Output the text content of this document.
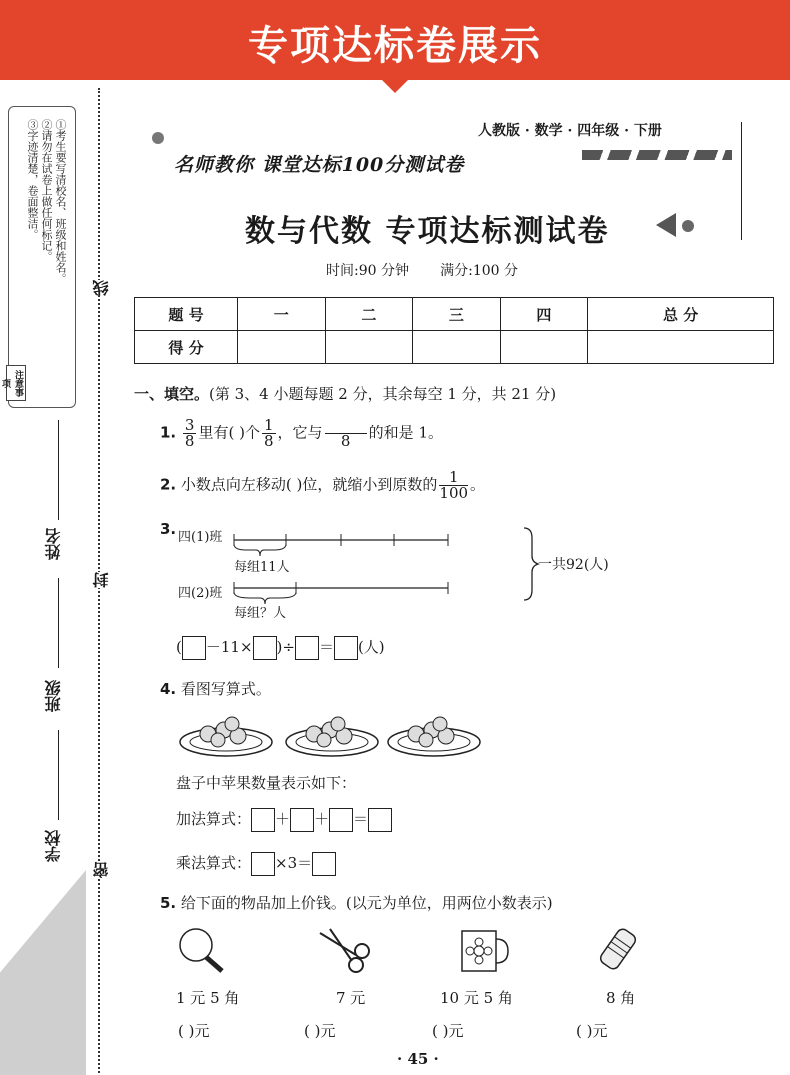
专项达标卷展示
①考生要写清校名、班级和姓名。
②请勿在试卷上做任何标记。
③字迹清楚，卷面整洁。
注意事项
姓名
班级
学校
线
封
密
人教版 · 数学 · 四年级 · 下册
名师教你 课堂达标100分测试卷
数与代数 专项达标测试卷
时间:90 分钟 满分:100 分
题 号	一	二	三	四	总 分
得 分					
一、填空。(第 3、4 小题每题 2 分，其余每空 1 分，共 21 分)
1. $\frac{3}{8}$ 里有( )个 $\frac{1}{8}$ ，它与
	8	的和是 1。
2. 小数点向左移动( )位，就缩小到原数的 $\frac{1}{100}$ 。
3. 四(1)班
每组11人
四(2)班
每组？人
一共92(人)
( －11× )÷ ＝ (人)
4. 看图写算式。
盘子中苹果数量表示如下：
加法算式： ＋ ＋ ＝
乘法算式： ×3＝
5. 给下面的物品加上价钱。(以元为单位，用两位小数表示)
1 元 5 角	7 元	10 元 5 角	8 角
( )元	( )元	( )元	( )元
· 45 ·
